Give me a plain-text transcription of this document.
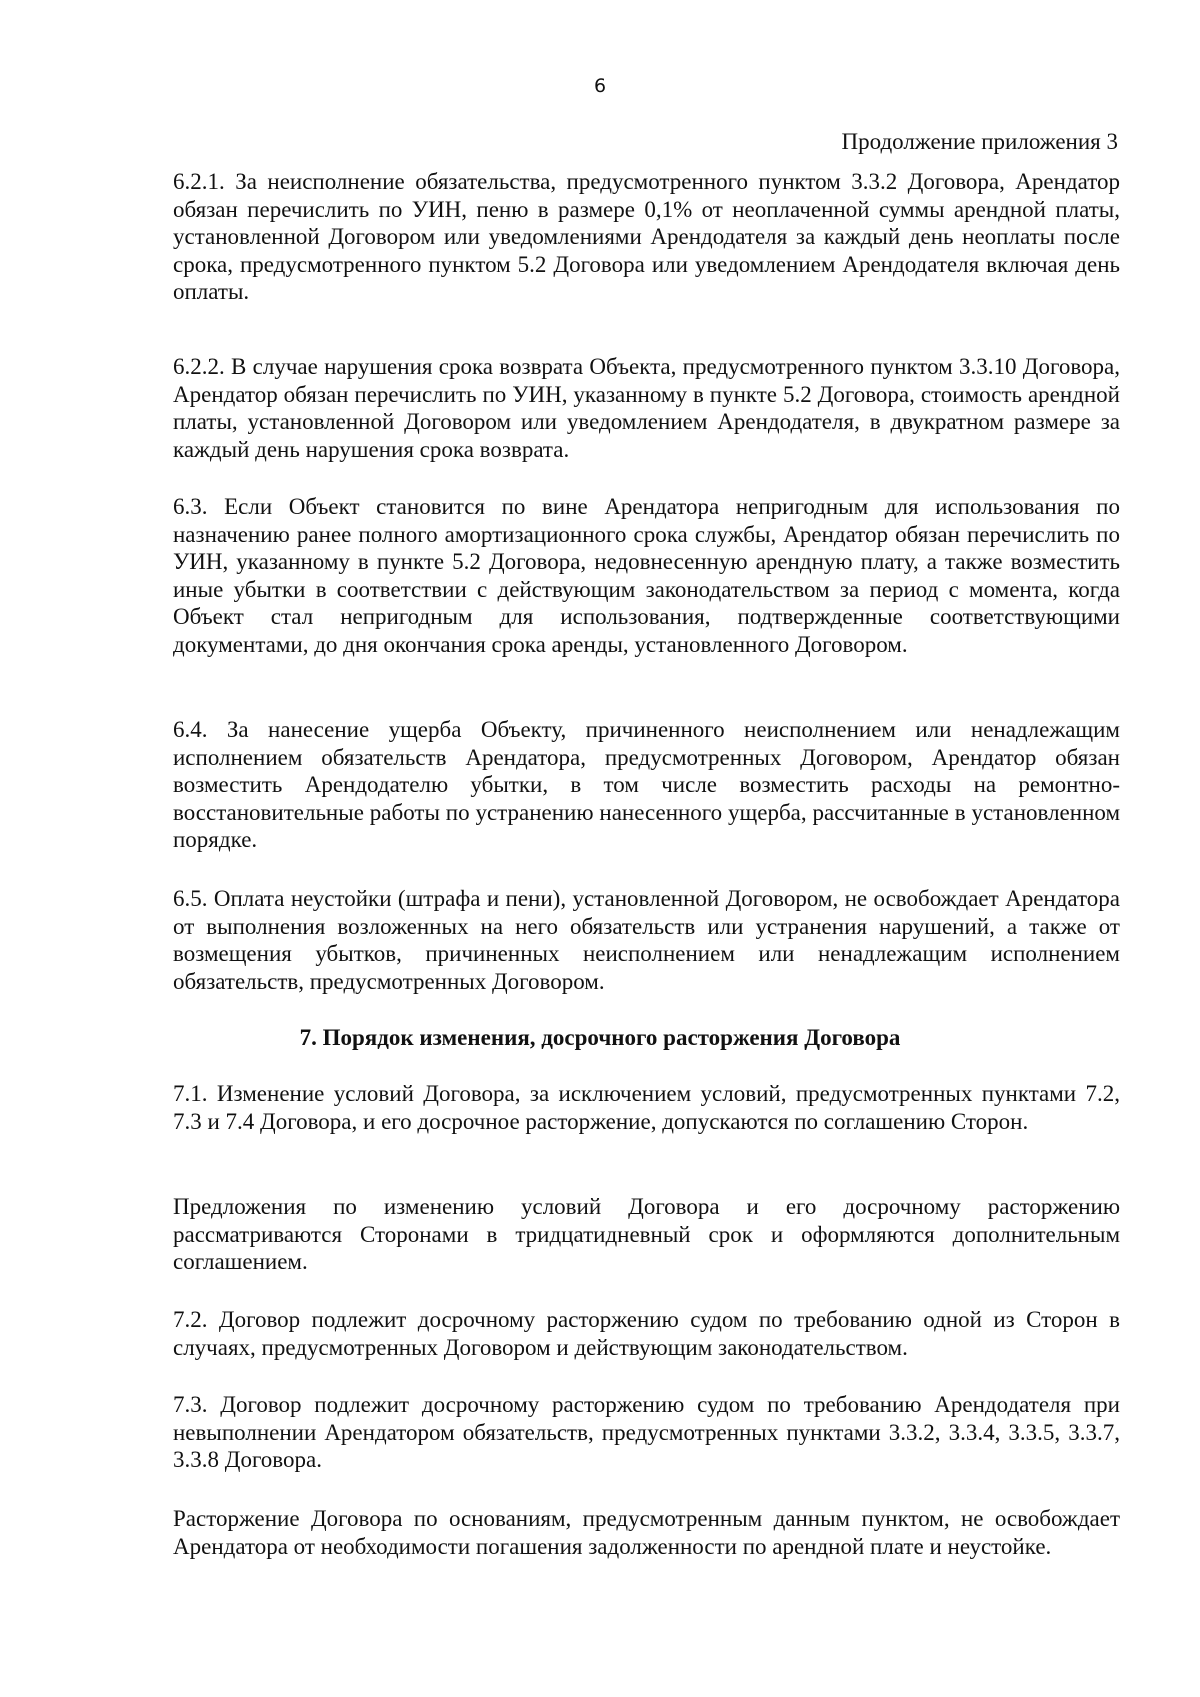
6
Продолжение приложения 3

6.2.1. За неисполнение обязательства, предусмотренного пунктом 3.3.2 Договора, Арендатор обязан перечислить по УИН, пеню в размере 0,1% от неоплаченной суммы арендной платы, установленной Договором или уведомлениями Арендодателя за каждый день неоплаты после срока, предусмотренного пунктом 5.2 Договора или уведомлением Арендодателя включая день оплаты.

6.2.2. В случае нарушения срока возврата Объекта, предусмотренного пунктом 3.3.10 Договора, Арендатор обязан перечислить по УИН, указанному в пункте 5.2 Договора, стоимость арендной платы, установленной Договором или уведомлением Арендодателя, в двукратном размере за каждый день нарушения срока возврата.

6.3. Если Объект становится по вине Арендатора непригодным для использования по назначению ранее полного амортизационного срока службы, Арендатор обязан перечислить по УИН, указанному в пункте 5.2 Договора, недовнесенную арендную плату, а также возместить иные убытки в соответствии с действующим законодательством за период с момента, когда Объект стал непригодным для использования, подтвержденные соответствующими документами, до дня окончания срока аренды, установленного Договором.

6.4. За нанесение ущерба Объекту, причиненного неисполнением или ненадлежащим исполнением обязательств Арендатора, предусмотренных Договором, Арендатор обязан возместить Арендодателю убытки, в том числе возместить расходы на ремонтно-восстановительные работы по устранению нанесенного ущерба, рассчитанные в установленном порядке.

6.5. Оплата неустойки (штрафа и пени), установленной Договором, не освобождает Арендатора от выполнения возложенных на него обязательств или устранения нарушений, а также от возмещения убытков, причиненных неисполнением или ненадлежащим исполнением обязательств, предусмотренных Договором.

7. Порядок изменения, досрочного расторжения Договора

7.1. Изменение условий Договора, за исключением условий, предусмотренных пунктами 7.2, 7.3 и 7.4 Договора, и его досрочное расторжение, допускаются по соглашению Сторон.

Предложения по изменению условий Договора и его досрочному расторжению рассматриваются Сторонами в тридцатидневный срок и оформляются дополнительным соглашением.

7.2. Договор подлежит досрочному расторжению судом по требованию одной из Сторон в случаях, предусмотренных Договором и действующим законодательством.

7.3. Договор подлежит досрочному расторжению судом по требованию Арендодателя при невыполнении Арендатором обязательств, предусмотренных пунктами 3.3.2, 3.3.4, 3.3.5, 3.3.7, 3.3.8 Договора.

Расторжение Договора по основаниям, предусмотренным данным пунктом, не освобождает Арендатора от необходимости погашения задолженности по арендной плате и неустойке.
